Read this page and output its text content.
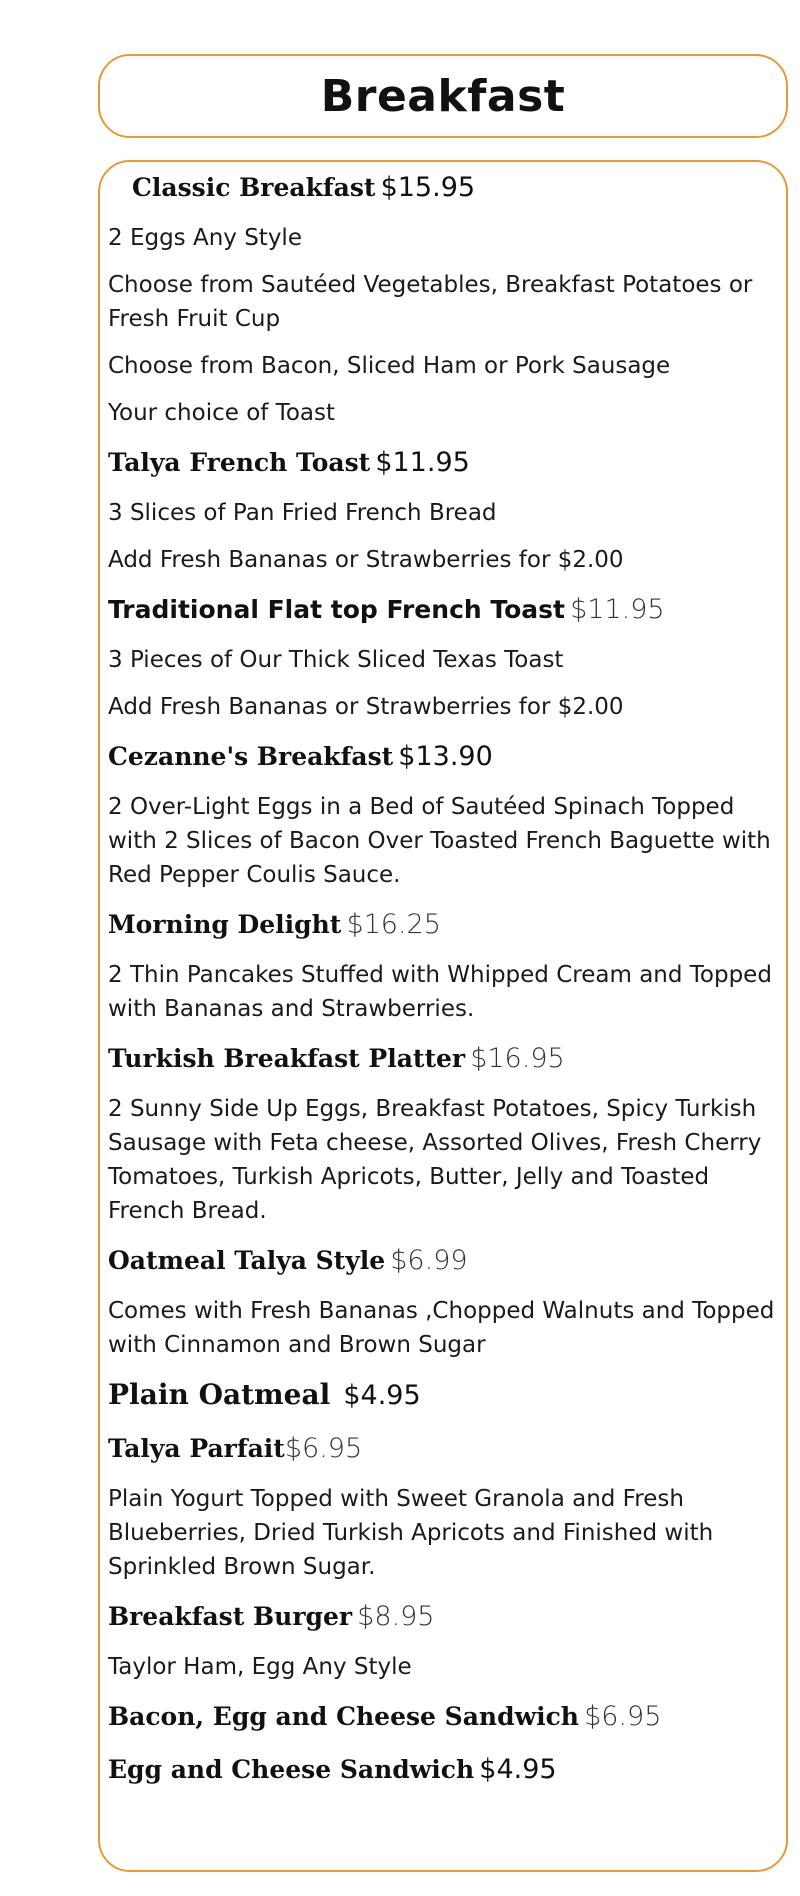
Breakfast

Classic Breakfast $15.95

2 Eggs Any Style

Choose from Sautéed Vegetables, Breakfast Potatoes or Fresh Fruit Cup

Choose from Bacon, Sliced Ham or Pork Sausage

Your choice of Toast

Talya French Toast $11.95

3 Slices of Pan Fried French Bread

Add Fresh Bananas or Strawberries for $2.00

Traditional Flat top French Toast $11.95

3 Pieces of Our Thick Sliced Texas Toast

Add Fresh Bananas or Strawberries for $2.00

Cezanne's Breakfast $13.90

2 Over-Light Eggs in a Bed of Sautéed Spinach Topped with 2 Slices of Bacon Over Toasted French Baguette with Red Pepper Coulis Sauce.

Morning Delight $16.25

2 Thin Pancakes Stuffed with Whipped Cream and Topped with Bananas and Strawberries.

Turkish Breakfast Platter $16.95

2 Sunny Side Up Eggs, Breakfast Potatoes, Spicy Turkish Sausage with Feta cheese, Assorted Olives, Fresh Cherry Tomatoes, Turkish Apricots, Butter, Jelly and Toasted French Bread.

Oatmeal Talya Style $6.99

Comes with Fresh Bananas ,Chopped Walnuts and Topped with Cinnamon and Brown Sugar

Plain Oatmeal $4.95

Talya Parfait$6.95

Plain Yogurt Topped with Sweet Granola and Fresh Blueberries, Dried Turkish Apricots and Finished with Sprinkled Brown Sugar.

Breakfast Burger $8.95

Taylor Ham, Egg Any Style

Bacon, Egg and Cheese Sandwich $6.95

Egg and Cheese Sandwich $4.95
